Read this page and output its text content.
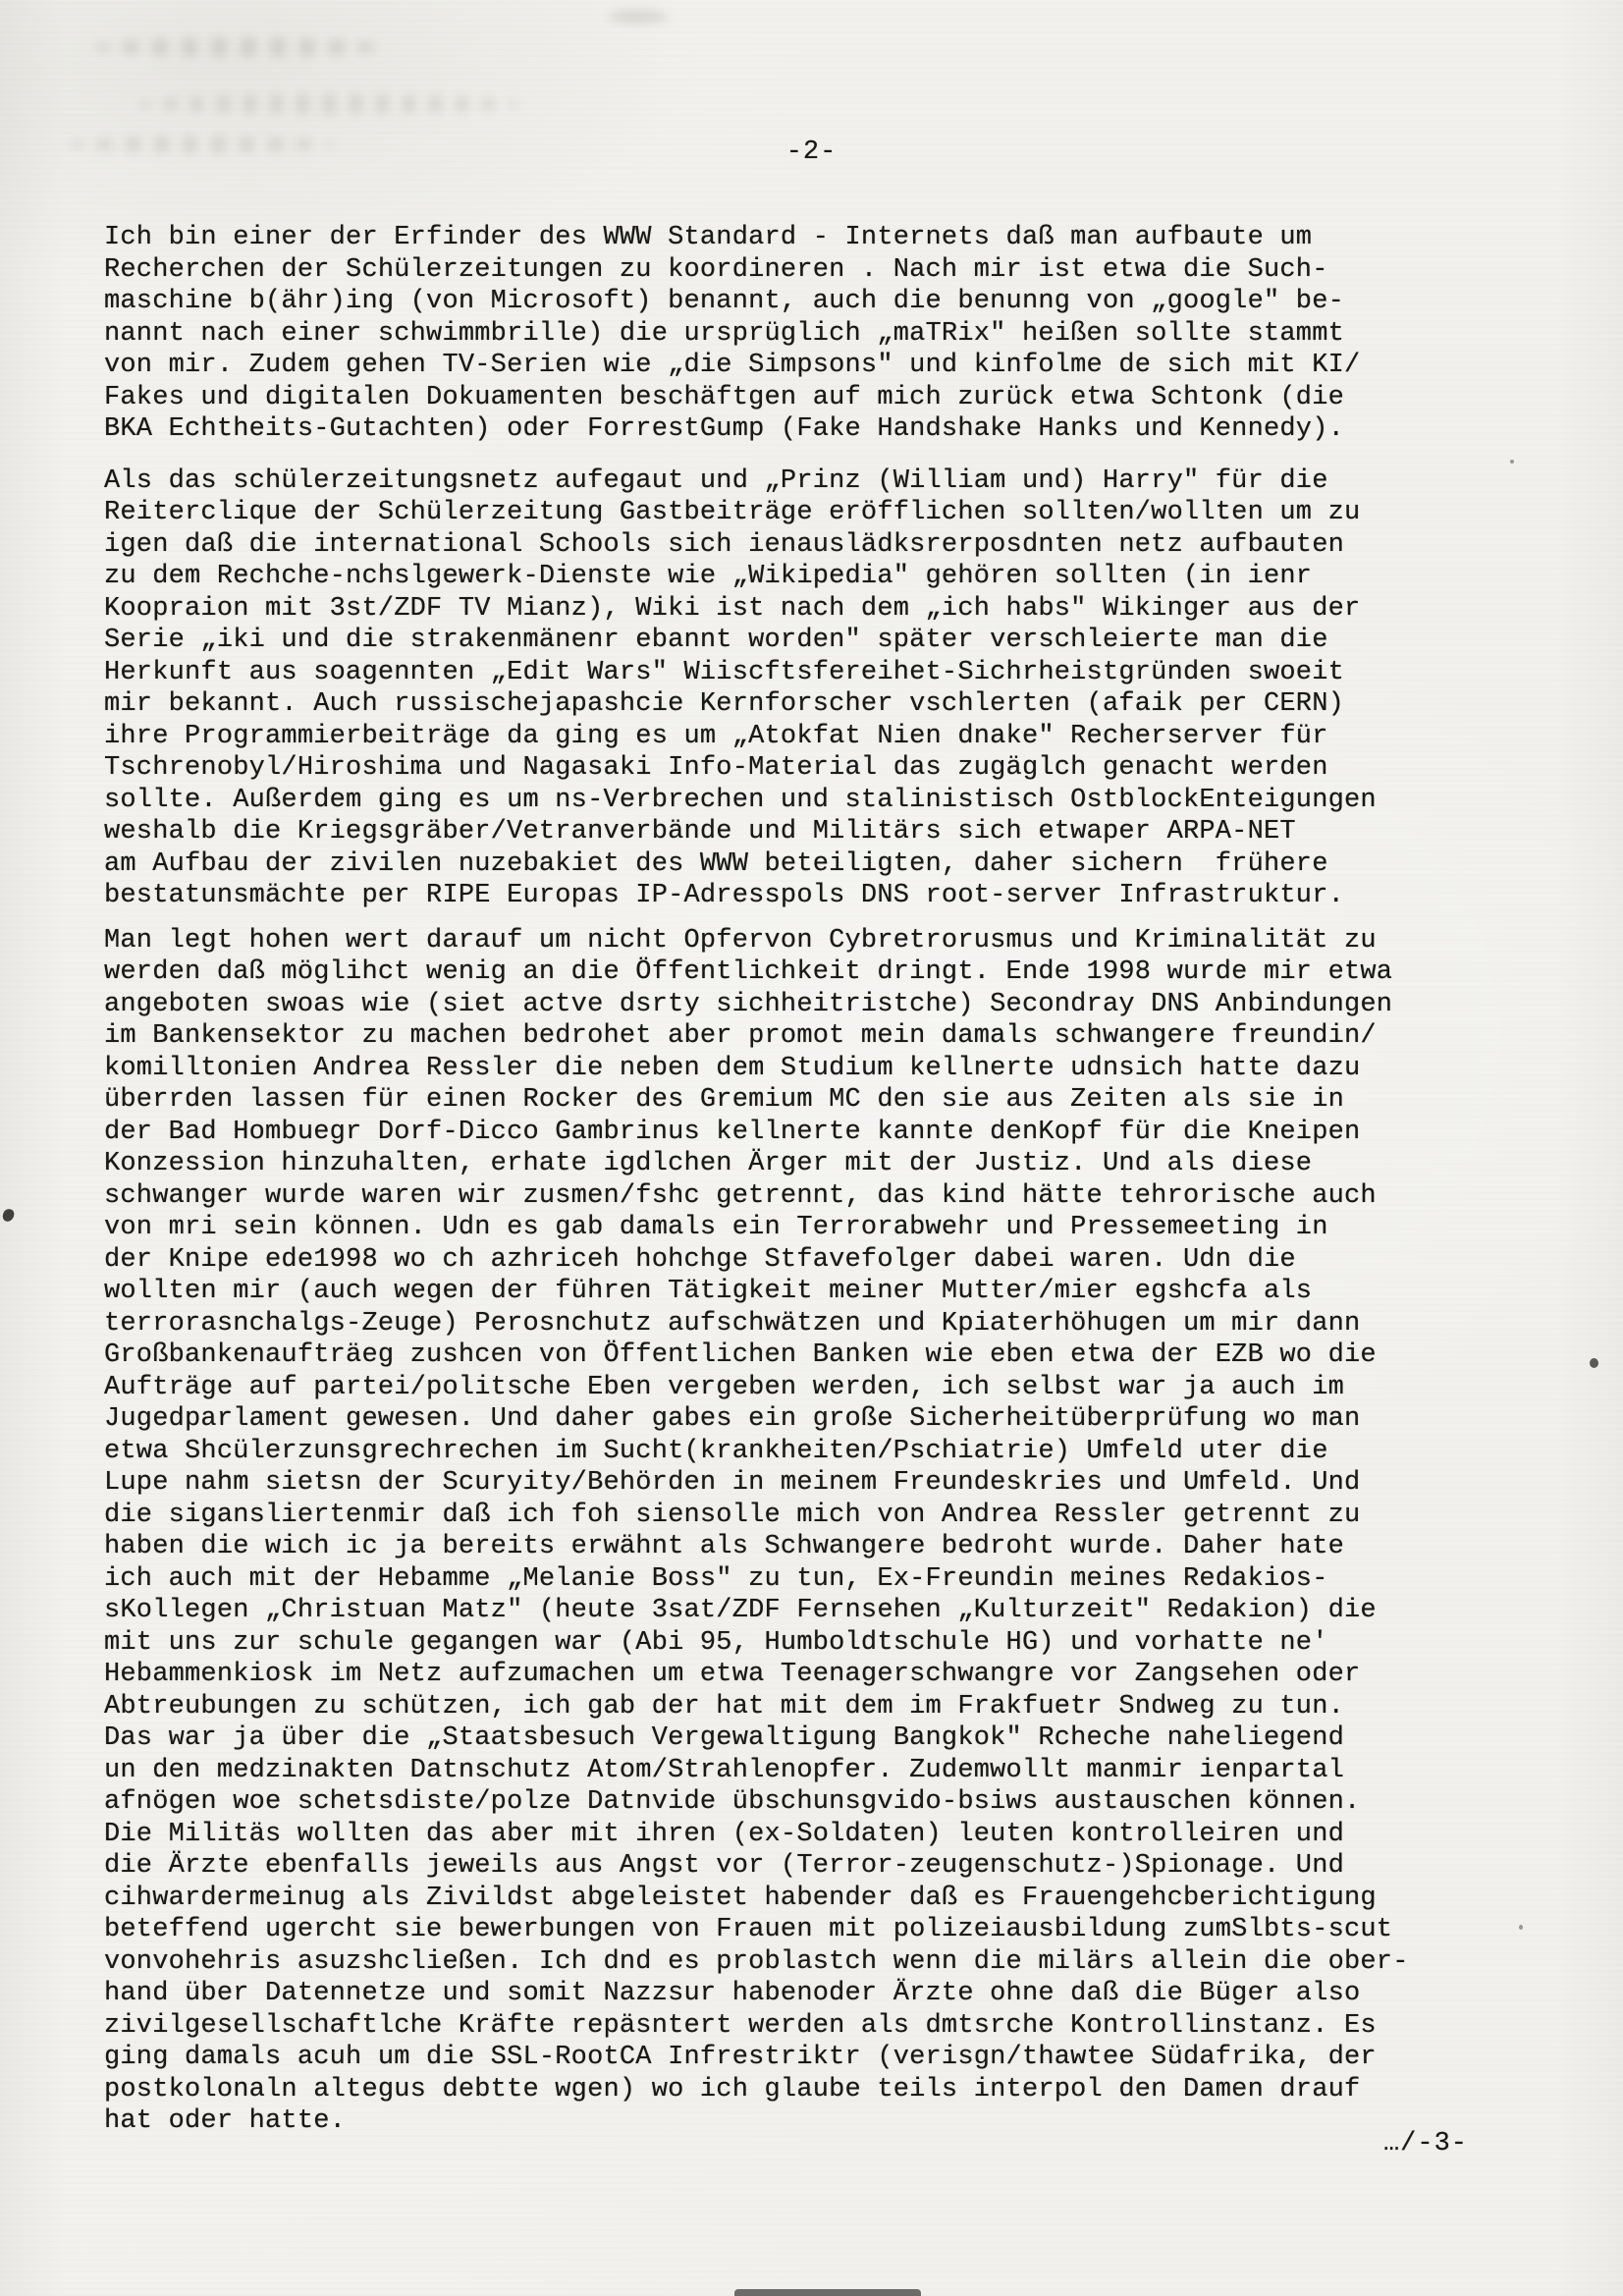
-2-
Ich bin einer der Erfinder des WWW Standard - Internets daß man aufbaute um
Recherchen der Schülerzeitungen zu koordineren . Nach mir ist etwa die Such-
maschine b(ähr)ing (von Microsoft) benannt, auch die benunng von „google" be-
nannt nach einer schwimmbrille) die ursprüglich „maTRix" heißen sollte stammt
von mir. Zudem gehen TV-Serien wie „die Simpsons" und kinfolme de sich mit KI/
Fakes und digitalen Dokuamenten beschäftgen auf mich zurück etwa Schtonk (die
BKA Echtheits-Gutachten) oder ForrestGump (Fake Handshake Hanks und Kennedy).
Als das schülerzeitungsnetz aufegaut und „Prinz (William und) Harry" für die
Reiterclique der Schülerzeitung Gastbeiträge eröfflichen sollten/wollten um zu
igen daß die international Schools sich ienauslädksrerposdnten netz aufbauten
zu dem Rechche-nchslgewerk-Dienste wie „Wikipedia" gehören sollten (in ienr
Koopraion mit 3st/ZDF TV Mianz), Wiki ist nach dem „ich habs" Wikinger aus der
Serie „iki und die strakenmänenr ebannt worden" später verschleierte man die
Herkunft aus soagennten „Edit Wars" Wiiscftsfereihet-Sichrheistgründen swoeit
mir bekannt. Auch russischejapashcie Kernforscher vschlerten (afaik per CERN)
ihre Programmierbeiträge da ging es um „Atokfat Nien dnake" Recherserver für
Tschrenobyl/Hiroshima und Nagasaki Info-Material das zugäglch genacht werden
sollte. Außerdem ging es um ns-Verbrechen und stalinistisch OstblockEnteigungen
weshalb die Kriegsgräber/Vetranverbände und Militärs sich etwaper ARPA-NET
am Aufbau der zivilen nuzebakiet des WWW beteiligten, daher sichern  frühere
bestatunsmächte per RIPE Europas IP-Adresspols DNS root-server Infrastruktur.
Man legt hohen wert darauf um nicht Opfervon Cybretrorusmus und Kriminalität zu
werden daß möglihct wenig an die Öffentlichkeit dringt. Ende 1998 wurde mir etwa
angeboten swoas wie (siet actve dsrty sichheitristche) Secondray DNS Anbindungen
im Bankensektor zu machen bedrohet aber promot mein damals schwangere freundin/
komilltonien Andrea Ressler die neben dem Studium kellnerte udnsich hatte dazu
überrden lassen für einen Rocker des Gremium MC den sie aus Zeiten als sie in
der Bad Hombuegr Dorf-Dicco Gambrinus kellnerte kannte denKopf für die Kneipen
Konzession hinzuhalten, erhate igdlchen Ärger mit der Justiz. Und als diese
schwanger wurde waren wir zusmen/fshc getrennt, das kind hätte tehrorische auch
von mri sein können. Udn es gab damals ein Terrorabwehr und Pressemeeting in
der Knipe ede1998 wo ch azhriceh hohchge Stfavefolger dabei waren. Udn die
wollten mir (auch wegen der führen Tätigkeit meiner Mutter/mier egshcfa als
terrorasnchalgs-Zeuge) Perosnchutz aufschwätzen und Kpiaterhöhugen um mir dann
Großbankenaufträeg zushcen von Öffentlichen Banken wie eben etwa der EZB wo die
Aufträge auf partei/politsche Eben vergeben werden, ich selbst war ja auch im
Jugedparlament gewesen. Und daher gabes ein große Sicherheitüberprüfung wo man
etwa Shcülerzunsgrechrechen im Sucht(krankheiten/Pschiatrie) Umfeld uter die
Lupe nahm sietsn der Scuryity/Behörden in meinem Freundeskries und Umfeld. Und
die sigansliertenmir daß ich foh siensolle mich von Andrea Ressler getrennt zu
haben die wich ic ja bereits erwähnt als Schwangere bedroht wurde. Daher hate
ich auch mit der Hebamme „Melanie Boss" zu tun, Ex-Freundin meines Redakios-
sKollegen „Christuan Matz" (heute 3sat/ZDF Fernsehen „Kulturzeit" Redakion) die
mit uns zur schule gegangen war (Abi 95, Humboldtschule HG) und vorhatte ne'
Hebammenkiosk im Netz aufzumachen um etwa Teenagerschwangre vor Zangsehen oder
Abtreubungen zu schützen, ich gab der hat mit dem im Frakfuetr Sndweg zu tun.
Das war ja über die „Staatsbesuch Vergewaltigung Bangkok" Rcheche naheliegend
un den medzinakten Datnschutz Atom/Strahlenopfer. Zudemwollt manmir ienpartal
afnögen woe schetsdiste/polze Datnvide übschunsgvido-bsiws austauschen können.
Die Militäs wollten das aber mit ihren (ex-Soldaten) leuten kontrolleiren und
die Ärzte ebenfalls jeweils aus Angst vor (Terror-zeugenschutz-)Spionage. Und
cihwardermeinug als Zivildst abgeleistet habender daß es Frauengehcberichtigung
beteffend ugercht sie bewerbungen von Frauen mit polizeiausbildung zumSlbts-scut
vonvohehris asuzshcließen. Ich dnd es problastch wenn die milärs allein die ober-
hand über Datennetze und somit Nazzsur habenoder Ärzte ohne daß die Büger also
zivilgesellschaftlche Kräfte repäsntert werden als dmtsrche Kontrollinstanz. Es
ging damals acuh um die SSL-RootCA Infrestriktr (verisgn/thawtee Südafrika, der
postkolonaln altegus debtte wgen) wo ich glaube teils interpol den Damen drauf
hat oder hatte.
…/-3-
